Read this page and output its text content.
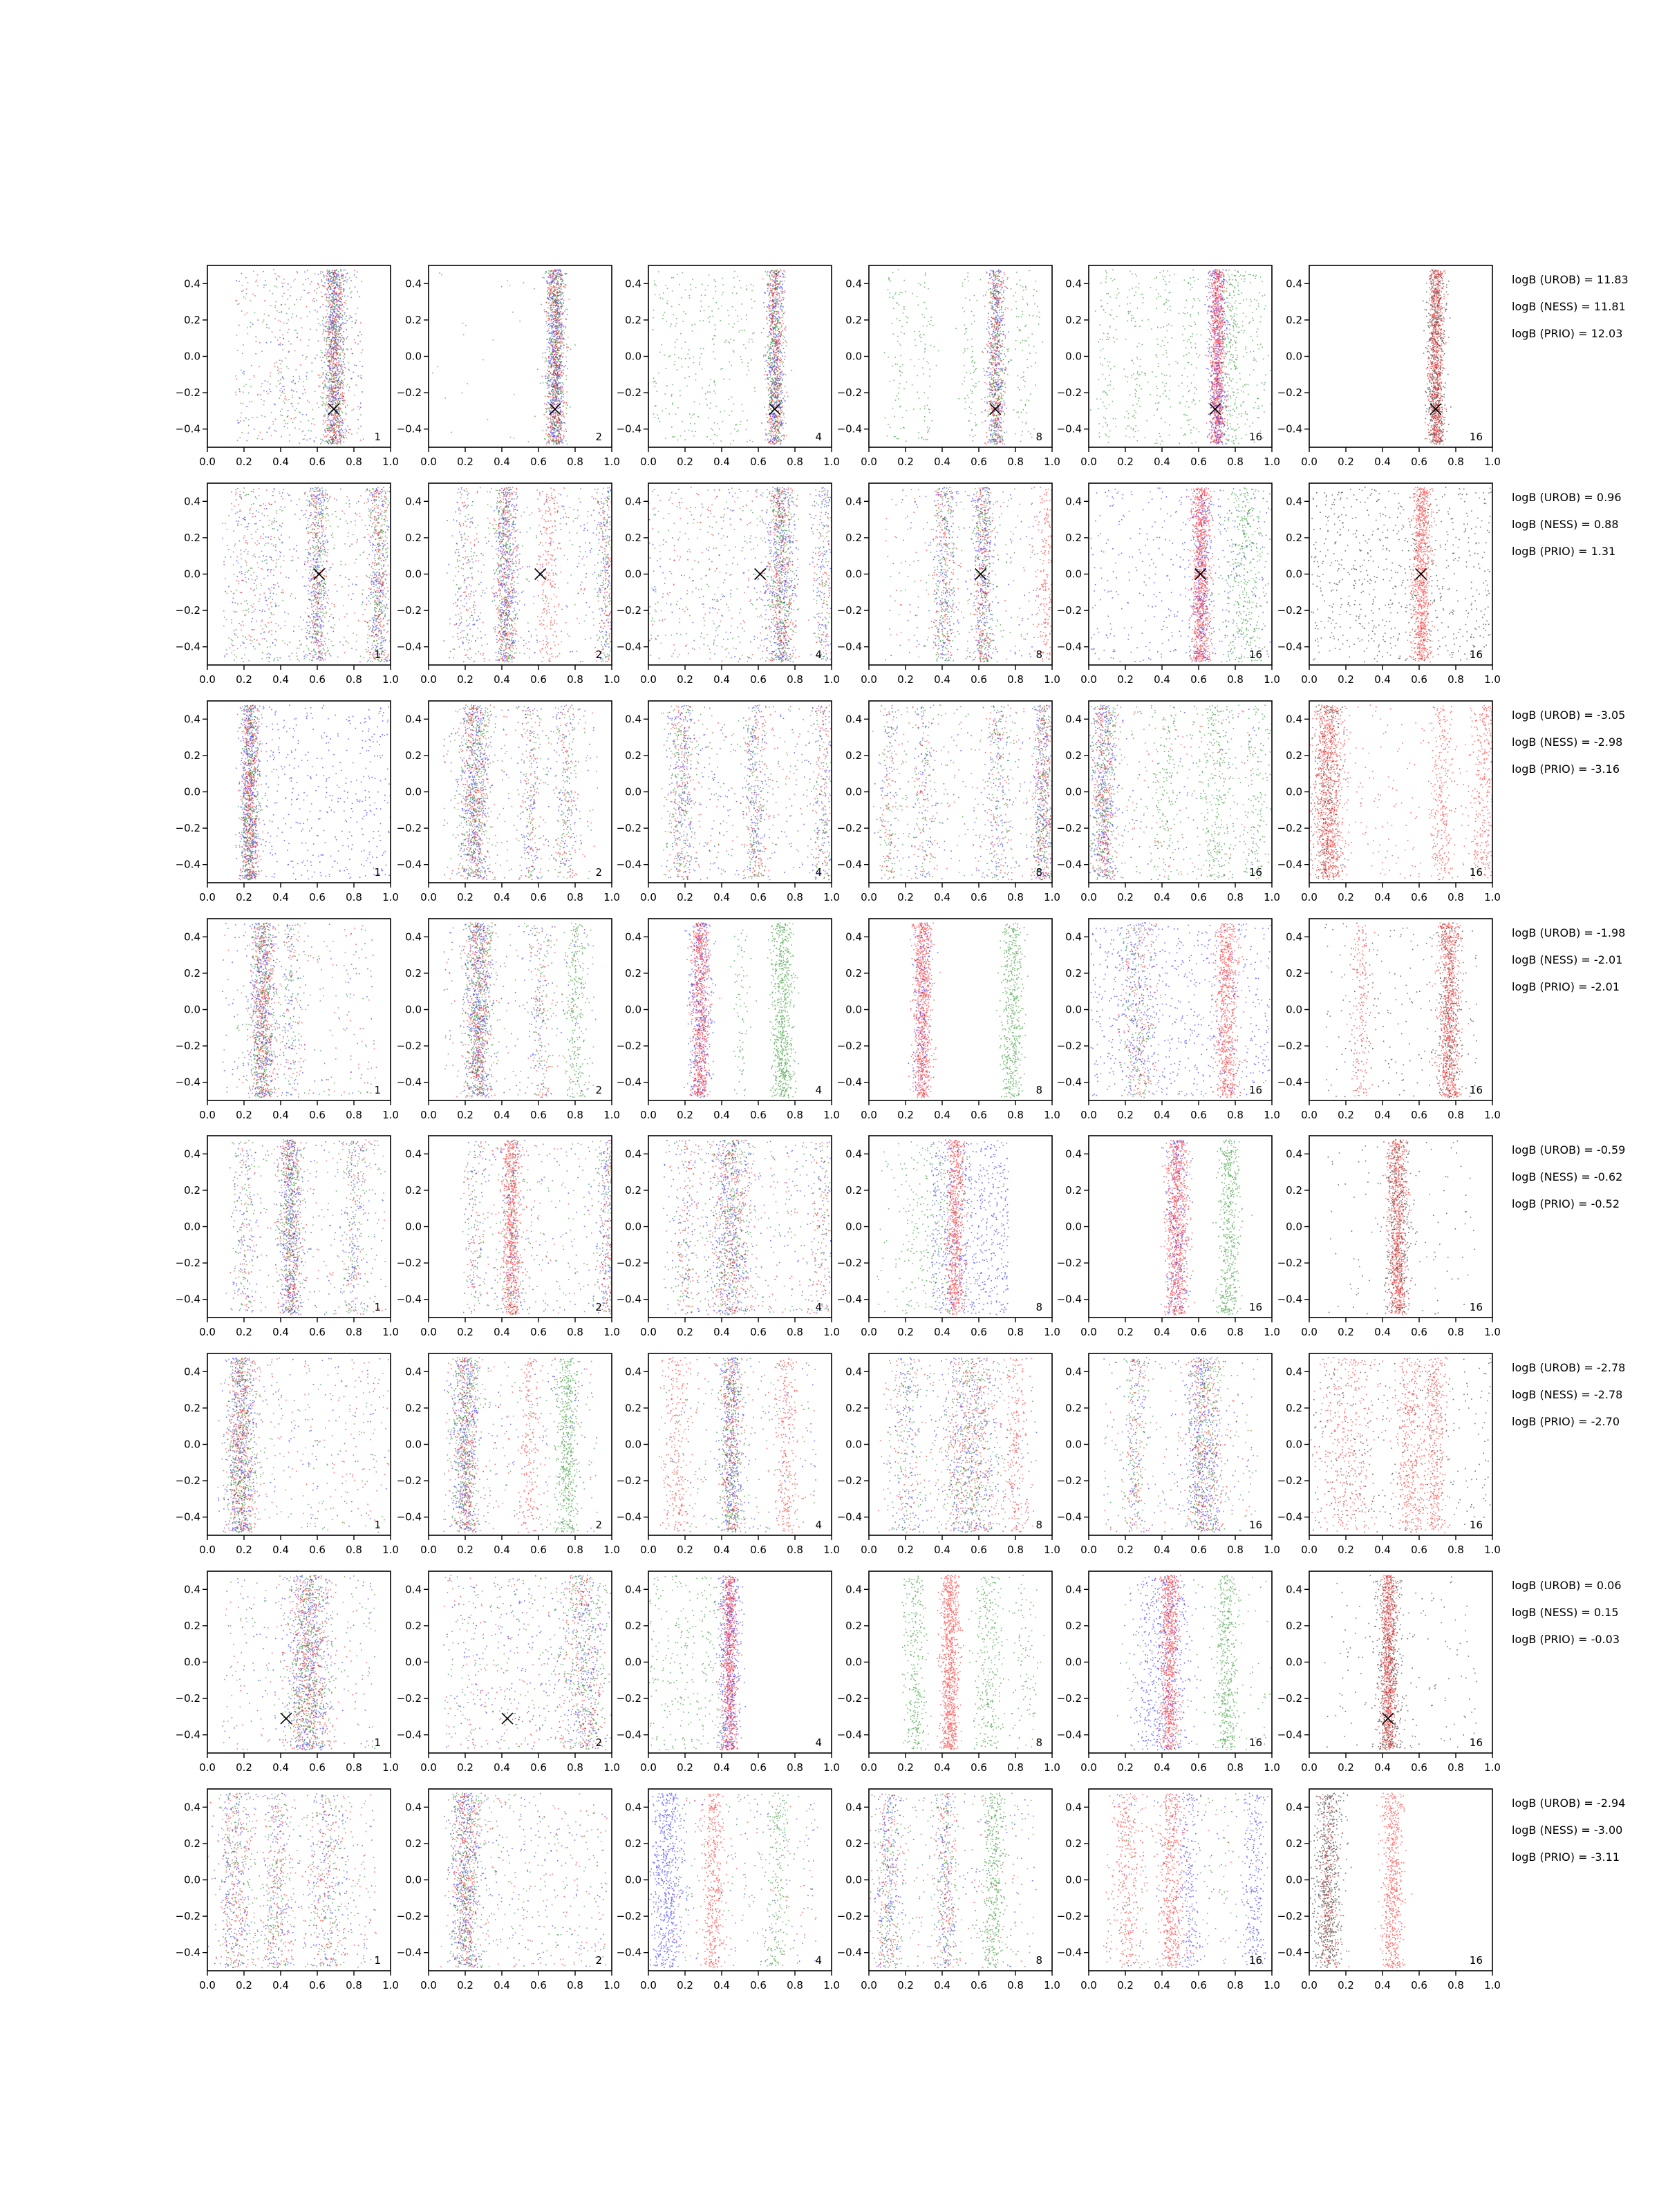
0.0 0.2 0.4 0.6 0.8 1.0
−0.4
−0.2
0.0
0.2
0.4
1
0.0 0.2 0.4 0.6 0.8 1.0
−0.4
−0.2
0.0
0.2
0.4
2
0.0 0.2 0.4 0.6 0.8 1.0
−0.4
−0.2
0.0
0.2
0.4
4
0.0 0.2 0.4 0.6 0.8 1.0
−0.4
−0.2
0.0
0.2
0.4
8
0.0 0.2 0.4 0.6 0.8 1.0
−0.4
−0.2
0.0
0.2
0.4
16
0.0 0.2 0.4 0.6 0.8 1.0
−0.4
−0.2
0.0
0.2
0.4
16
logB (UROB) = 11.83
logB (NESS) = 11.81
logB (PRIO) = 12.03
0.0 0.2 0.4 0.6 0.8 1.0
−0.4
−0.2
0.0
0.2
0.4
1
0.0 0.2 0.4 0.6 0.8 1.0
−0.4
−0.2
0.0
0.2
0.4
2
0.0 0.2 0.4 0.6 0.8 1.0
−0.4
−0.2
0.0
0.2
0.4
4
0.0 0.2 0.4 0.6 0.8 1.0
−0.4
−0.2
0.0
0.2
0.4
8
0.0 0.2 0.4 0.6 0.8 1.0
−0.4
−0.2
0.0
0.2
0.4
16
0.0 0.2 0.4 0.6 0.8 1.0
−0.4
−0.2
0.0
0.2
0.4
16
logB (UROB) = 0.96
logB (NESS) = 0.88
logB (PRIO) = 1.31
0.0 0.2 0.4 0.6 0.8 1.0
−0.4
−0.2
0.0
0.2
0.4
1
0.0 0.2 0.4 0.6 0.8 1.0
−0.4
−0.2
0.0
0.2
0.4
2
0.0 0.2 0.4 0.6 0.8 1.0
−0.4
−0.2
0.0
0.2
0.4
4
0.0 0.2 0.4 0.6 0.8 1.0
−0.4
−0.2
0.0
0.2
0.4
8
0.0 0.2 0.4 0.6 0.8 1.0
−0.4
−0.2
0.0
0.2
0.4
16
0.0 0.2 0.4 0.6 0.8 1.0
−0.4
−0.2
0.0
0.2
0.4
16
logB (UROB) = -3.05
logB (NESS) = -2.98
logB (PRIO) = -3.16
0.0 0.2 0.4 0.6 0.8 1.0
−0.4
−0.2
0.0
0.2
0.4
1
0.0 0.2 0.4 0.6 0.8 1.0
−0.4
−0.2
0.0
0.2
0.4
2
0.0 0.2 0.4 0.6 0.8 1.0
−0.4
−0.2
0.0
0.2
0.4
4
0.0 0.2 0.4 0.6 0.8 1.0
−0.4
−0.2
0.0
0.2
0.4
8
0.0 0.2 0.4 0.6 0.8 1.0
−0.4
−0.2
0.0
0.2
0.4
16
0.0 0.2 0.4 0.6 0.8 1.0
−0.4
−0.2
0.0
0.2
0.4
16
logB (UROB) = -1.98
logB (NESS) = -2.01
logB (PRIO) = -2.01
0.0 0.2 0.4 0.6 0.8 1.0
−0.4
−0.2
0.0
0.2
0.4
1
0.0 0.2 0.4 0.6 0.8 1.0
−0.4
−0.2
0.0
0.2
0.4
2
0.0 0.2 0.4 0.6 0.8 1.0
−0.4
−0.2
0.0
0.2
0.4
4
0.0 0.2 0.4 0.6 0.8 1.0
−0.4
−0.2
0.0
0.2
0.4
8
0.0 0.2 0.4 0.6 0.8 1.0
−0.4
−0.2
0.0
0.2
0.4
16
0.0 0.2 0.4 0.6 0.8 1.0
−0.4
−0.2
0.0
0.2
0.4
16
logB (UROB) = -0.59
logB (NESS) = -0.62
logB (PRIO) = -0.52
0.0 0.2 0.4 0.6 0.8 1.0
−0.4
−0.2
0.0
0.2
0.4
1
0.0 0.2 0.4 0.6 0.8 1.0
−0.4
−0.2
0.0
0.2
0.4
2
0.0 0.2 0.4 0.6 0.8 1.0
−0.4
−0.2
0.0
0.2
0.4
4
0.0 0.2 0.4 0.6 0.8 1.0
−0.4
−0.2
0.0
0.2
0.4
8
0.0 0.2 0.4 0.6 0.8 1.0
−0.4
−0.2
0.0
0.2
0.4
16
0.0 0.2 0.4 0.6 0.8 1.0
−0.4
−0.2
0.0
0.2
0.4
16
logB (UROB) = -2.78
logB (NESS) = -2.78
logB (PRIO) = -2.70
0.0 0.2 0.4 0.6 0.8 1.0
−0.4
−0.2
0.0
0.2
0.4
1
0.0 0.2 0.4 0.6 0.8 1.0
−0.4
−0.2
0.0
0.2
0.4
2
0.0 0.2 0.4 0.6 0.8 1.0
−0.4
−0.2
0.0
0.2
0.4
4
0.0 0.2 0.4 0.6 0.8 1.0
−0.4
−0.2
0.0
0.2
0.4
8
0.0 0.2 0.4 0.6 0.8 1.0
−0.4
−0.2
0.0
0.2
0.4
16
0.0 0.2 0.4 0.6 0.8 1.0
−0.4
−0.2
0.0
0.2
0.4
16
logB (UROB) = 0.06
logB (NESS) = 0.15
logB (PRIO) = -0.03
0.0 0.2 0.4 0.6 0.8 1.0
−0.4
−0.2
0.0
0.2
0.4
1
0.0 0.2 0.4 0.6 0.8 1.0
−0.4
−0.2
0.0
0.2
0.4
2
0.0 0.2 0.4 0.6 0.8 1.0
−0.4
−0.2
0.0
0.2
0.4
4
0.0 0.2 0.4 0.6 0.8 1.0
−0.4
−0.2
0.0
0.2
0.4
8
0.0 0.2 0.4 0.6 0.8 1.0
−0.4
−0.2
0.0
0.2
0.4
16
0.0 0.2 0.4 0.6 0.8 1.0
−0.4
−0.2
0.0
0.2
0.4
16
logB (UROB) = -2.94
logB (NESS) = -3.00
logB (PRIO) = -3.11
